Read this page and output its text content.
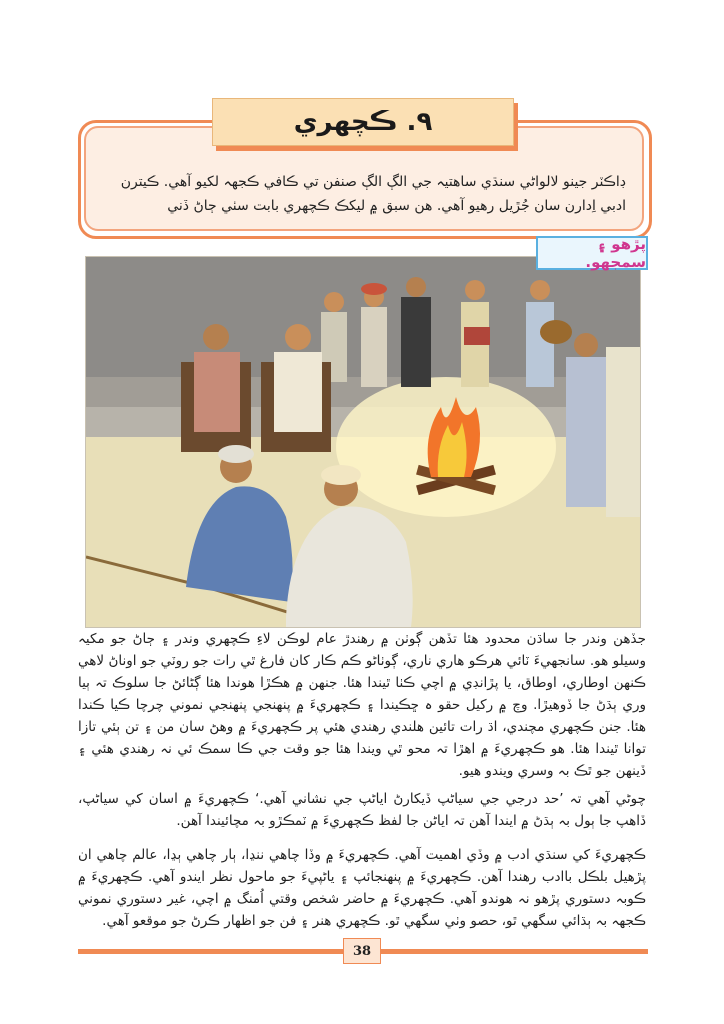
٩. ڪچهري
ڊاڪٽر جينو لالواڻي سنڌي ساهتيہ جي الڳ الڳ صنفن تي ڪافي ڪجهہ لکيو آهي. ڪيترن ادبي اِدارن سان جُڙيل رهيو آهي. هن سبق ۾ ليکڪ ڪچهري بابت سٺي ڄاڻ ڏني
پڙهو ۽ سمجهو.
جڏهن وندر جا ساڌن محدود هئا تڏهن ڳوٺن ۾ رهندڙ عام لوڪن لاءِ ڪچهري وندر ۽ ڄاڻ جو مکيہ وسيلو هو. سانجهيءَ ٽائي هرڪو هاري ناري، ڳوٺاڻو ڪم ڪار کان فارغ ٿي رات جو روٽي جو اوناڻ لاهي ڪنهن اوطاري، اوطاق، يا پڙانڊي ۾ اچي ڪٺا ٿيندا هئا. جنهن ۾ هڪڙا هوندا هئا ڳڻائڻ جا سلوڪ تہ ٻيا وري ٻڌڻ جا ڏوهيڙا. وچ ۾ رکيل حقو ہ ڇڪيندا ۽ ڪچهريءَ ۾ پنهنجي پنهنجي نموني چرچا ڪيا ڪندا هئا. جنن ڪچهري مچندي، اڌ رات تائين هلندي رهندي هئي پر ڪچهريءَ ۾ وهڻ سان من ۽ تن ٻئي تازا توانا ٿيندا هئا. هو ڪچهريءَ ۾ اهڙا تہ محو ٿي ويندا هئا جو وقت جي ڪا سمڪ ئي نہ رهندي هئي ۽ ڏينهن جو ٿڪ بہ وسري ويندو هيو.
چوڻي آهي تہ ’حد درجي جي سياڻپ ڏيکارڻ اياڻپ جي نشاني آهي.‘ ڪچهريءَ ۾ اسان کي سياڻپ، ڏاهپ جا ٻول بہ ٻڌڻ ۾ ايندا آهن تہ اياڻن جا لفظ ڪچهريءَ ۾ ٽمڪڙو بہ مچائيندا آهن.
ڪچهريءَ کي سنڌي ادب ۾ وڏي اهميت آهي. ڪچهريءَ ۾ وڏا چاهي ننڍا، ٻار چاهي ٻڍا، عالم چاهي ان پڙهيل بلڪل باادب رهندا آهن. ڪچهريءَ ۾ پنهنجائپ ۽ ياڻپيءَ جو ماحول نظر ايندو آهي. ڪچهريءَ ۾ ڪوبہ دستوري پڙهو نہ هوندو آهي. ڪچهريءَ ۾ حاضر شخص وقتي اُمنگ ۾ اچي، غير دستوري نموني ڪجهہ بہ ٻڌائي سگهي ٿو، حصو وٺي سگهي ٿو. ڪچهري هنر ۽ فن جو اظهار ڪرڻ جو موقعو آهي.
38
